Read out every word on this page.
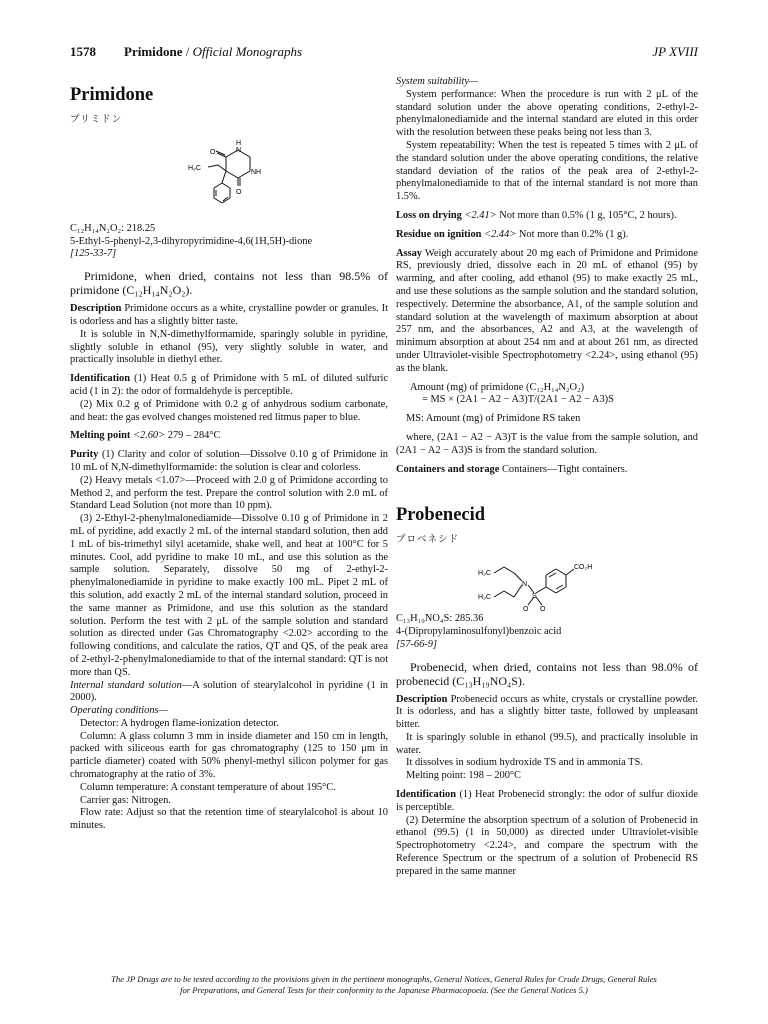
1578 Primidone / Official Monographs	JP XVIII
Primidone
プリミドン
H
N
NH
O
O
H₃C

C₁₂H₁₄N₂O₂: 218.25

5-Ethyl-5-phenyl-2,3-dihyropyrimidine-4,6(1H,5H)-dione

[125-33-7]

Primidone, when dried, contains not less than 98.5% of primidone (C₁₂H₁₄N₂O₂).

Description Primidone occurs as a white, crystalline powder or granules. It is odorless and has a slightly bitter taste.

It is soluble in N,N-dimethylformamide, sparingly soluble in pyridine, slightly soluble in ethanol (95), very slightly soluble in water, and practically insoluble in diethyl ether.

Identification (1) Heat 0.5 g of Primidone with 5 mL of diluted sulfuric acid (1 in 2): the odor of formaldehyde is perceptible.

(2) Mix 0.2 g of Primidone with 0.2 g of anhydrous sodium carbonate, and heat: the gas evolved changes moistened red litmus paper to blue.

Melting point <2.60> 279 – 284°C

Purity (1) Clarity and color of solution—Dissolve 0.10 g of Primidone in 10 mL of N,N-dimethylformamide: the solution is clear and colorless.

(2) Heavy metals <1.07>—Proceed with 2.0 g of Primidone according to Method 2, and perform the test. Prepare the control solution with 2.0 mL of Standard Lead Solution (not more than 10 ppm).

(3) 2-Ethyl-2-phenylmalonediamide—Dissolve 0.10 g of Primidone in 2 mL of pyridine, add exactly 2 mL of the internal standard solution, then add 1 mL of bis-trimethyl silyl acetamide, shake well, and heat at 100°C for 5 minutes. Cool, add pyridine to make 10 mL, and use this solution as the sample solution. Separately, dissolve 50 mg of 2-ethyl-2-phenylmalonediamide in pyridine to make exactly 100 mL. Pipet 2 mL of this solution, add exactly 2 mL of the internal standard solution, proceed in the same manner as Primidone, and use this solution as the standard solution. Perform the test with 2 μL of the sample solution and standard solution as directed under Gas Chromatography <2.02> according to the following conditions, and calculate the ratios, QT and QS, of the peak area of 2-ethyl-2-phenylmalonediamide to that of the internal standard: QT is not more than QS.

Internal standard solution—A solution of stearylalcohol in pyridine (1 in 2000).

Operating conditions—

Detector: A hydrogen flame-ionization detector.

Column: A glass column 3 mm in inside diameter and 150 cm in length, packed with siliceous earth for gas chromatography (125 to 150 μm in particle diameter) coated with 50% phenyl-methyl silicon polymer for gas chromatography at the ratio of 3%.

Column temperature: A constant temperature of about 195°C.

Carrier gas: Nitrogen.

Flow rate: Adjust so that the retention time of stearylalcohol is about 10 minutes.

System suitability—

System performance: When the procedure is run with 2 μL of the standard solution under the above operating conditions, 2-ethyl-2-phenylmalonediamide and the internal standard are eluted in this order with the resolution between these peaks being not less than 3.

System repeatability: When the test is repeated 5 times with 2 μL of the standard solution under the above operating conditions, the relative standard deviation of the ratios of the peak area of 2-ethyl-2-phenylmalonediamide to that of the internal standard is not more than 1.5%.

Loss on drying <2.41> Not more than 0.5% (1 g, 105°C, 2 hours).

Residue on ignition <2.44> Not more than 0.2% (1 g).

Assay Weigh accurately about 20 mg each of Primidone and Primidone RS, previously dried, dissolve each in 20 mL of ethanol (95) by warming, and after cooling, add ethanol (95) to make exactly 25 mL, and use these solutions as the sample solution and the standard solution, respectively. Determine the absorbance, A1, of the sample solution and standard solution at the wavelength of maximum absorption at about 257 nm, and the absorbances, A2 and A3, at the wavelength of minimum absorption at about 254 nm and at about 261 nm, as directed under Ultraviolet-visible Spectrophotometry <2.24>, using ethanol (95) as the blank.

Amount (mg) of primidone (C₁₂H₁₄N₂O₂)

= MS × (2A1 − A2 − A3)T/(2A1 − A2 − A3)S

MS: Amount (mg) of Primidone RS taken

where, (2A1 − A2 − A3)T is the value from the sample solution, and (2A1 − A2 − A3)S is from the standard solution.

Containers and storage Containers—Tight containers.

Probenecid
プロベネシド
H₃C
H₃C
N
S
O O
CO₂H

C₁₃H₁₉NO₄S: 285.36

4-(Dipropylaminosulfonyl)benzoic acid

[57-66-9]

Probenecid, when dried, contains not less than 98.0% of probenecid (C₁₃H₁₉NO₄S).

Description Probenecid occurs as white, crystals or crystalline powder. It is odorless, and has a slightly bitter taste, followed by unpleasant bitter.

It is sparingly soluble in ethanol (99.5), and practically insoluble in water.

It dissolves in sodium hydroxide TS and in ammonia TS.

Melting point: 198 – 200°C

Identification (1) Heat Probenecid strongly: the odor of sulfur dioxide is perceptible.

(2) Determine the absorption spectrum of a solution of Probenecid in ethanol (99.5) (1 in 50,000) as directed under Ultraviolet-visible Spectrophotometry <2.24>, and compare the spectrum with the Reference Spectrum or the spectrum of a solution of Probenecid RS prepared in the same manner

The JP Drugs are to be tested according to the provisions given in the pertinent monographs, General Notices, General Rules for Crude Drugs, General Rules for Preparations, and General Tests for their conformity to the Japanese Pharmacopoeia. (See the General Notices 5.)
